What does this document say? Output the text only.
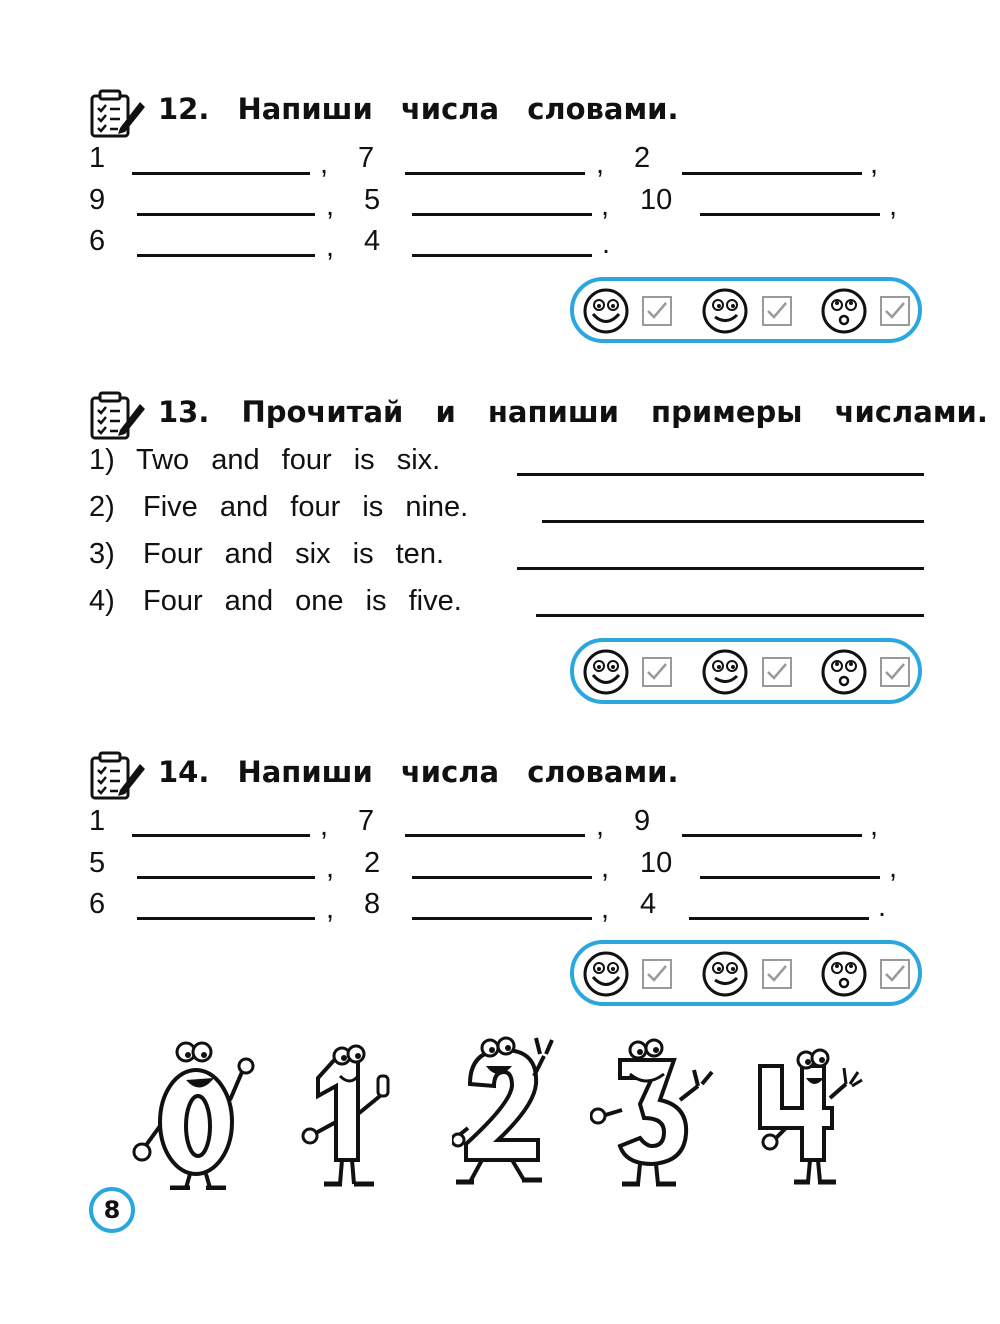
12. Напиши числа словами.
1	, 7	, 2	,
9	, 5	, 10	,
6	, 4	.
13. Прочитай и напиши примеры числами.
1) Two and four is six.
2) Five and four is nine.
3) Four and six is ten.
4) Four and one is five.
14. Напиши числа словами.
1	, 7	, 9	,
5	, 2	, 10	,
6	, 8	, 4	.
8
